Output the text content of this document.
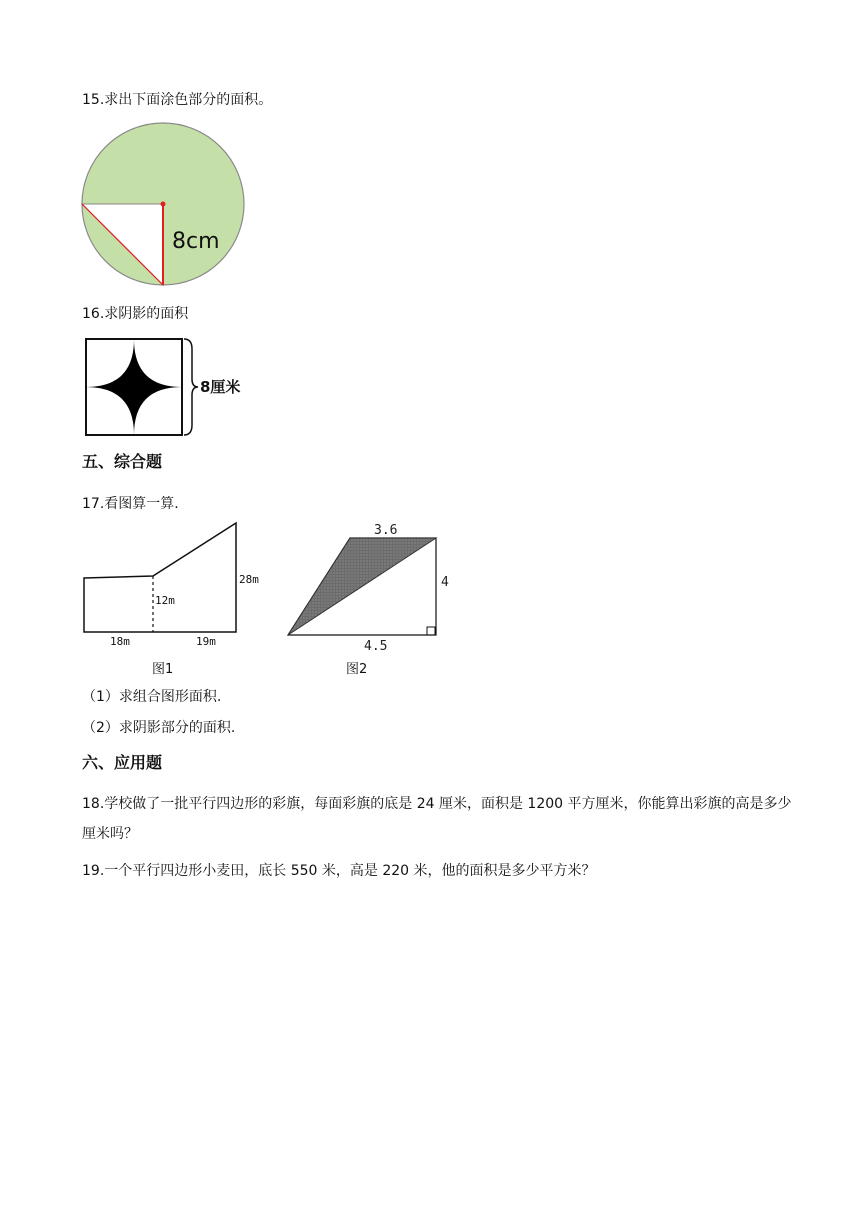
15.求出下面涂色部分的面积。
8cm
16.求阴影的面积
8厘米
五、综合题
17.看图算一算.
28m
12m
18m	19m
图1
3.6
4
4.5
图2
（1）求组合图形面积.
（2）求阴影部分的面积.
六、应用题
18.学校做了一批平行四边形的彩旗，每面彩旗的底是 24 厘米，面积是 1200 平方厘米，你能算出彩旗的高是多少厘米吗？
19.一个平行四边形小麦田，底长 550 米，高是 220 米，他的面积是多少平方米？
